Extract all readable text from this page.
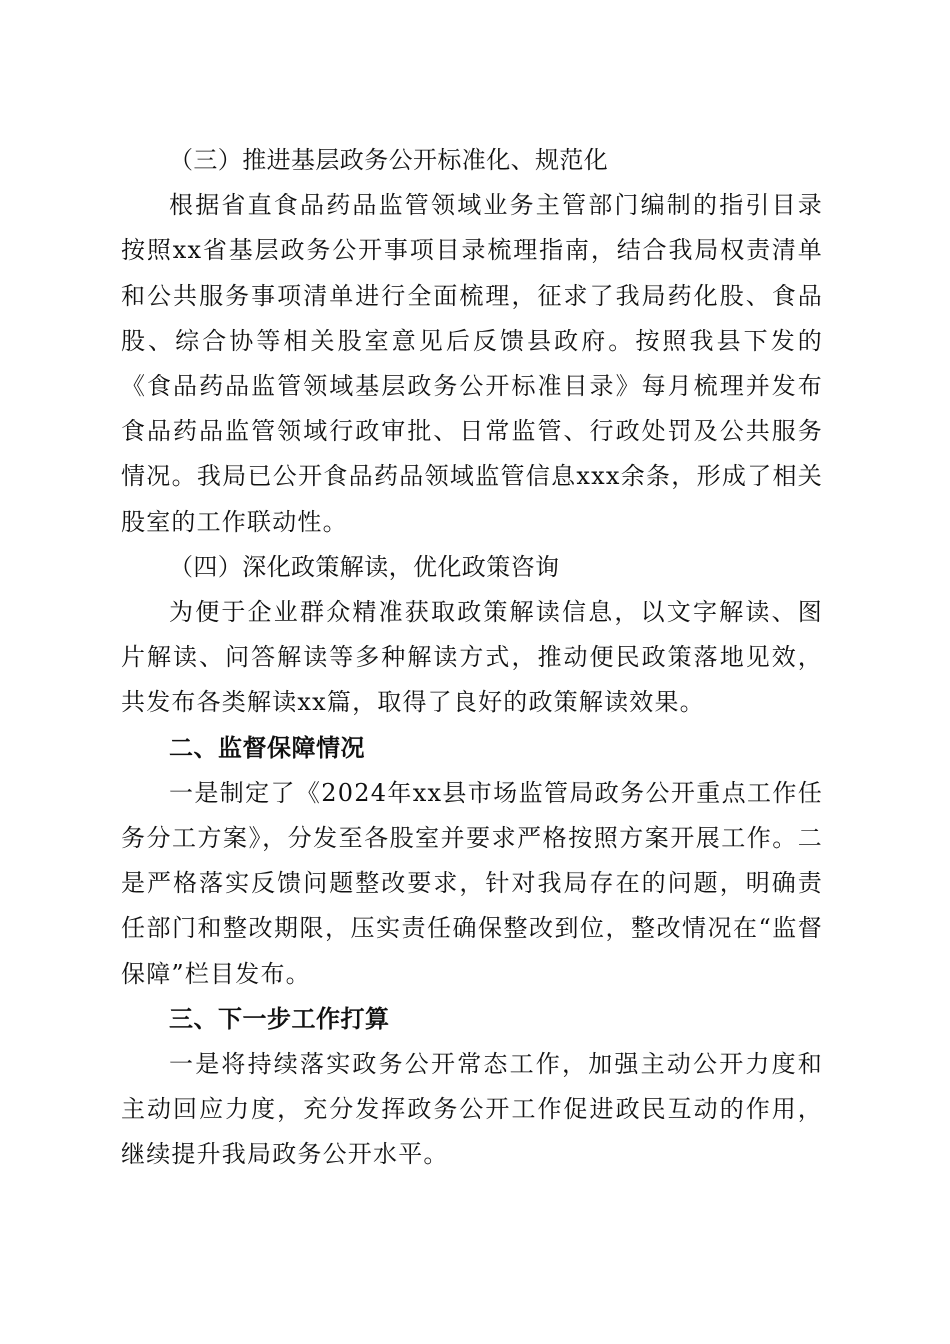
（三）推进基层政务公开标准化、规范化

根据省直食品药品监管领域业务主管部门编制的指引目录按照xx省基层政务公开事项目录梳理指南，结合我局权责清单和公共服务事项清单进行全面梳理，征求了我局药化股、食品股、综合协等相关股室意见后反馈县政府。按照我县下发的《食品药品监管领域基层政务公开标准目录》每月梳理并发布食品药品监管领域行政审批、日常监管、行政处罚及公共服务情况。我局已公开食品药品领域监管信息xxx余条，形成了相关股室的工作联动性。

（四）深化政策解读，优化政策咨询

为便于企业群众精准获取政策解读信息，以文字解读、图片解读、问答解读等多种解读方式，推动便民政策落地见效，共发布各类解读xx篇，取得了良好的政策解读效果。

二、监督保障情况

一是制定了《2024年xx县市场监管局政务公开重点工作任务分工方案》，分发至各股室并要求严格按照方案开展工作。二是严格落实反馈问题整改要求，针对我局存在的问题，明确责任部门和整改期限，压实责任确保整改到位，整改情况在“监督保障”栏目发布。

三、下一步工作打算

一是将持续落实政务公开常态工作，加强主动公开力度和主动回应力度，充分发挥政务公开工作促进政民互动的作用，继续提升我局政务公开水平。
